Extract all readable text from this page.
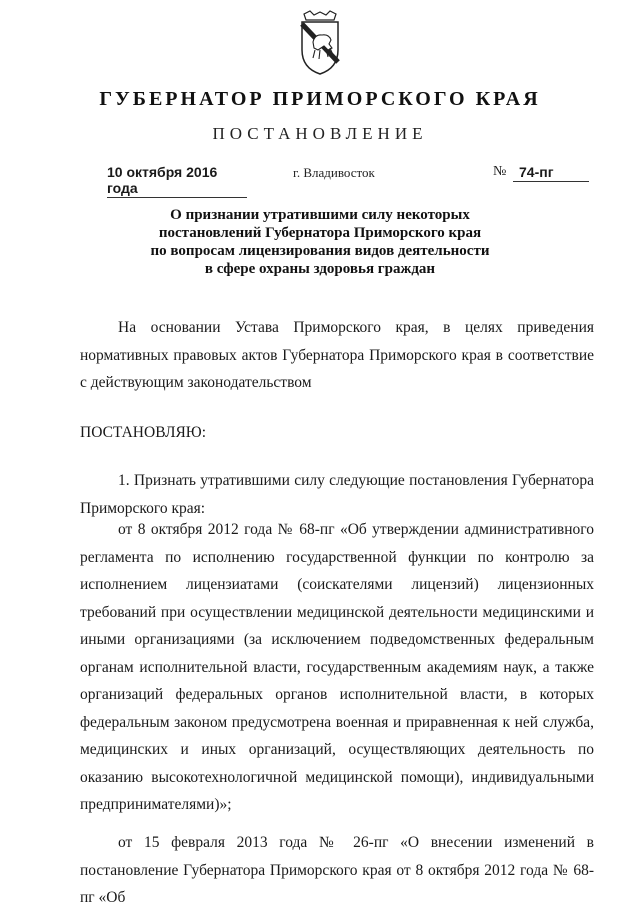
ГУБЕРНАТОР ПРИМОРСКОГО КРАЯ
ПОСТАНОВЛЕНИЕ
10 октября 2016 года
г. Владивосток	№ 74-пг
О признании утратившими силу некоторых
постановлений Губернатора Приморского края
по вопросам лицензирования видов деятельности
в сфере охраны здоровья граждан
На основании Устава Приморского края, в целях приведения нормативных правовых актов Губернатора Приморского края в соответствие с действующим законодательством
ПОСТАНОВЛЯЮ:
1. Признать утратившими силу следующие постановления Губернатора Приморского края:
от 8 октября 2012 года № 68-пг «Об утверждении административного регламента по исполнению государственной функции по контролю за исполнением лицензиатами (соискателями лицензий) лицензионных требований при осуществлении медицинской деятельности медицинскими и иными организациями (за исключением подведомственных федеральным органам исполнительной власти, государственным академиям наук, а также организаций федеральных органов исполнительной власти, в которых федеральным законом предусмотрена военная и приравненная к ней служба, медицинских и иных организаций, осуществляющих деятельность по оказанию высокотехнологичной медицинской помощи), индивидуальными предпринимателями)»;
от 15 февраля 2013 года № 26-пг «О внесении изменений в постановление Губернатора Приморского края от 8 октября 2012 года № 68-пг «Об
